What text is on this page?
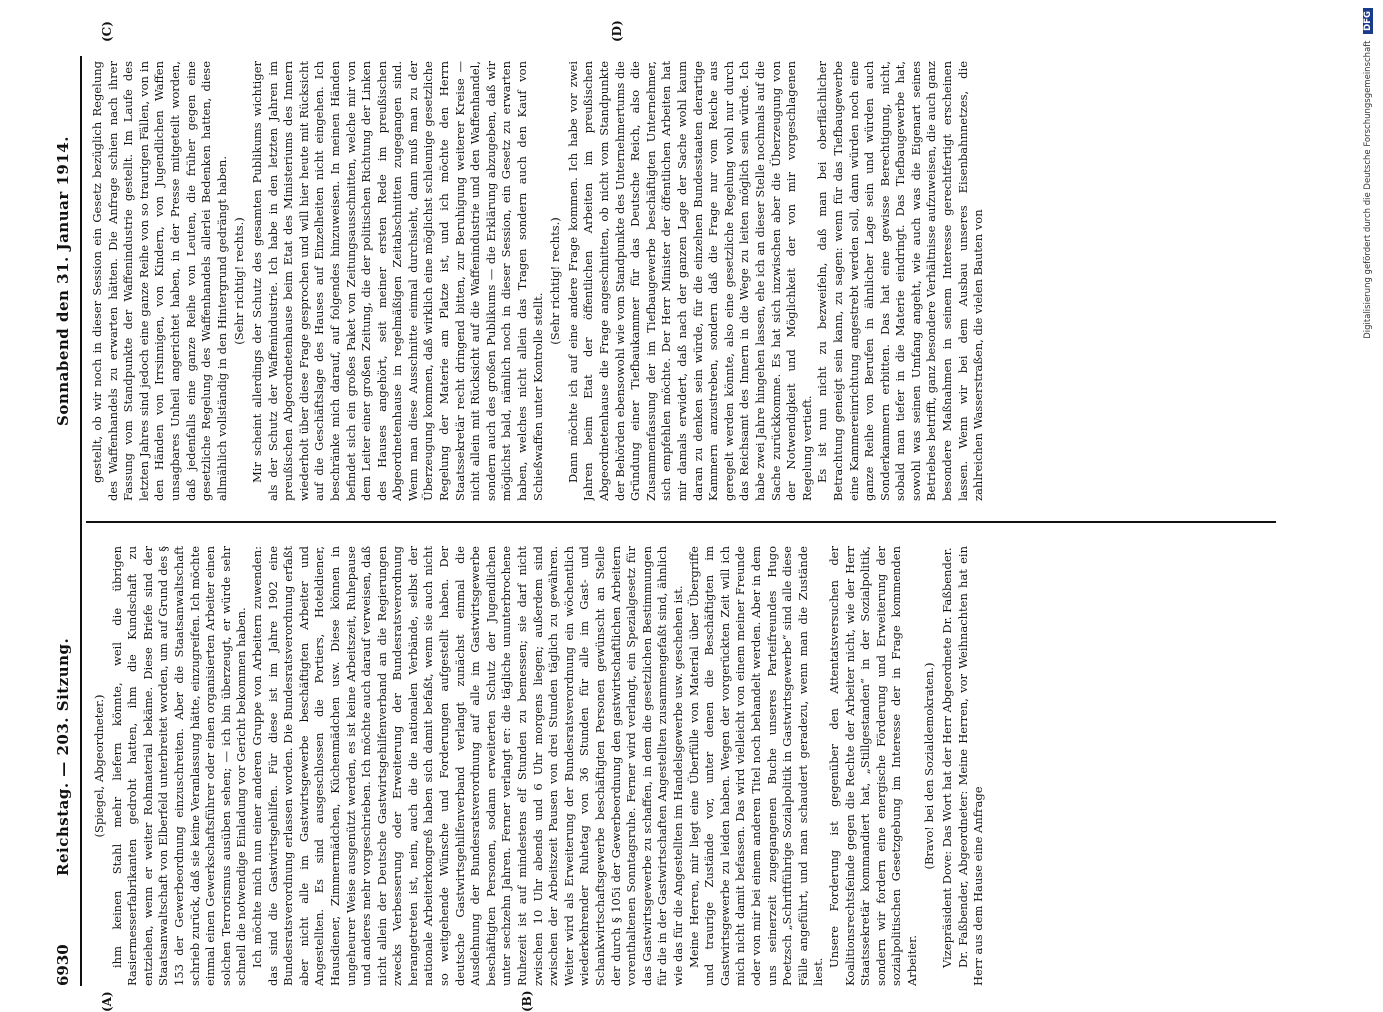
6930
Reichstag. — 203. Sitzung.
Sonnabend den 31. Januar 1914.
(A)	(B)
(C)	(D)

(Spiegel, Abgeordneter.) ihm keinen Stahl mehr liefern könnte, weil die übrigen Rasiermesserfabrikanten gedroht hatten, ihm die Kundschaft zu entziehen, wenn er weiter Rohmaterial bekäme. Diese Briefe sind der Staatsanwaltschaft von Elberfeld unterbreitet worden, um auf Grund des § 153 der Gewerbeordnung einzuschreiten. Aber die Staatsanwaltschaft schrieb zurück, daß sie keine Veranlassung hätte, einzugreifen. Ich möchte einmal einen Gewerkschaftsführer oder einen organisierten Arbeiter einen solchen Terrorismus ausüben sehen; — ich bin überzeugt, er würde sehr schnell die notwendige Einladung vor Gericht bekommen haben. Ich möchte mich nun einer anderen Gruppe von Arbeitern zuwenden: das sind die Gastwirtsgehilfen. Für diese ist im Jahre 1902 eine Bundesratsverordnung erlassen worden. Die Bundesratsverordnung erfaßt aber nicht alle im Gastwirtsgewerbe beschäftigten Arbeiter und Angestellten. Es sind ausgeschlossen die Portiers, Hoteldiener, Hausdiener, Zimmermädchen, Küchenmädchen usw. Diese können in ungeheurer Weise ausgenützt werden, es ist keine Arbeitszeit, Ruhepause und anderes mehr vorgeschrieben. Ich möchte auch darauf verweisen, daß nicht allein der Deutsche Gastwirtsgehilfenverband an die Regierungen zwecks Verbesserung oder Erweiterung der Bundesratsverordnung herangetreten ist, nein, auch die die nationalen Verbände, selbst der nationale Arbeiterkongreß haben sich damit befaßt, wenn sie auch nicht so weitgehende Wünsche und Forderungen aufgestellt haben. Der deutsche Gastwirtsgehilfenverband verlangt zunächst einmal die Ausdehnung der Bundesratsverordnung auf alle im Gastwirtsgewerbe beschäftigten Personen, sodann erweiterten Schutz der Jugendlichen unter sechzehn Jahren. Ferner verlangt er: die tägliche ununterbrochene Ruhezeit ist auf mindestens elf Stunden zu bemessen; sie darf nicht zwischen 10 Uhr abends und 6 Uhr morgens liegen; außerdem sind zwischen der Arbeitszeit Pausen von drei Stunden täglich zu gewähren. Weiter wird als Erweiterung der Bundesratsverordnung ein wöchentlich wiederkehrender Ruhetag von 36 Stunden für alle im Gast- und Schankwirtschaftsgewerbe beschäftigten Personen gewünscht an Stelle der durch § 105i der Gewerbeordnung den gastwirtschaftlichen Arbeitern vorenthaltenen Sonntagsruhe. Ferner wird verlangt, ein Spezialgesetz für das Gastwirtsgewerbe zu schaffen, in dem die gesetzlichen Bestimmungen für die in der Gastwirtschaften Angestellten zusammengefaßt sind, ähnlich wie das für die Angestellten im Handelsgewerbe usw. geschehen ist. Meine Herren, mir liegt eine Überfülle von Material über Übergriffe und traurige Zustände vor, unter denen die Beschäftigten im Gastwirtsgewerbe zu leiden haben. Wegen der vorgerückten Zeit will ich mich nicht damit befassen. Das wird vielleicht von einem meiner Freunde oder von mir bei einem anderen Titel noch behandelt werden. Aber in dem uns seinerzeit zugegangenen Buche unseres Parteifreundes Hugo Poetzsch „Schriftführige Sozialpolitik in Gastwirtsgewerbe“ sind alle diese Fälle angeführt, und man schaudert geradezu, wenn man die Zustände liest.

Unsere Forderung ist gegenüber den Attentatsversuchen der Koalitionsrechtsfeinde gegen die Rechte der Arbeiter nicht, wie der Herr Staatssekretär kommandiert hat, „Stillgestanden“ in der Sozialpolitik, sondern wir fordern eine energische Förderung und Erweiterung der sozialpolitischen Gesetzgebung im Interesse der in Frage kommenden Arbeiter.

(Bravo! bei den Sozialdemokraten.) Vizepräsident Dove: Das Wort hat der Herr Abgeordnete Dr. Faßbender. Dr. Faßbender, Abgeordneter: Meine Herren, vor Weihnachten hat ein Herr aus dem Hause eine Anfrage

gestellt, ob wir noch in dieser Session ein Gesetz bezüglich Regelung des Waffenhandels zu erwarten hätten. Die Anfrage schien nach ihrer Fassung vom Standpunkte der Waffenindustrie gestellt. Im Laufe des letzten Jahres sind jedoch eine ganze Reihe von so traurigen Fällen, von in den Händen von Irrsinnigen, von Kindern, von Jugendlichen Waffen unsagbares Unheil angerichtet haben, in der Presse mitgeteilt worden, daß jedenfalls eine ganze Reihe von Leuten, die früher gegen eine gesetzliche Regelung des Waffenhandels allerlei Bedenken hatten, diese allmählich vollständig in den Hintergrund gedrängt haben. (Sehr richtig! rechts.) Mir scheint allerdings der Schutz des gesamten Publikums wichtiger als der Schutz der Waffenindustrie. Ich habe in den letzten Jahren im preußischen Abgeordnetenhause beim Etat des Ministeriums des Innern wiederholt über diese Frage gesprochen und will hier heute mit Rücksicht auf die Geschäftslage des Hauses auf Einzelheiten nicht eingehen. Ich beschränke mich darauf, auf folgendes hinzuweisen. In meinen Händen befindet sich ein großes Paket von Zeitungsausschnitten, welche mir von dem Leiter einer großen Zeitung, die der politischen Richtung der Linken des Hauses angehört, seit meiner ersten Rede im preußischen Abgeordnetenhause in regelmäßigen Zeitabschnitten zugegangen sind. Wenn man diese Ausschnitte einmal durchsieht, dann muß man zu der Überzeugung kommen, daß wirklich eine möglichst schleunige gesetzliche Regelung der Materie am Platze ist, und ich möchte den Herrn Staatssekretär recht dringend bitten, zur Beruhigung weiterer Kreise — nicht allein mit Rücksicht auf die Waffenindustrie und den Waffenhandel, sondern auch des großen Publikums — die Erklärung abzugeben, daß wir möglichst bald, nämlich noch in dieser Session, ein Gesetz zu erwarten haben, welches nicht allein das Tragen sondern auch den Kauf von Schießwaffen unter Kontrolle stellt.

(Sehr richtig! rechts.) Dann möchte ich auf eine andere Frage kommen. Ich habe vor zwei Jahren beim Etat der öffentlichen Arbeiten im preußischen Abgeordnetenhause die Frage angeschnitten, ob nicht vom Standpunkte der Behörden ebensowohl wie vom Standpunkte des Unternehmertums die Gründung einer Tiefbaukammer für das Deutsche Reich, also die Zusammenfassung der im Tiefbaugewerbe beschäftigten Unternehmer, sich empfehlen möchte. Der Herr Minister der öffentlichen Arbeiten hat mir damals erwidert, daß nach der ganzen Lage der Sache wohl kaum daran zu denken sein würde, für die einzelnen Bundesstaaten derartige Kammern anzustreben, sondern daß die Frage nur vom Reiche aus geregelt werden könnte, also eine gesetzliche Regelung wohl nur durch das Reichsamt des Innern in die Wege zu leiten möglich sein würde. Ich habe zwei Jahre hingehen lassen, ehe ich an dieser Stelle nochmals auf die Sache zurückkomme. Es hat sich inzwischen aber die Überzeugung von der Notwendigkeit und Möglichkeit der von mir vorgeschlagenen Regelung vertieft. Es ist nun nicht zu bezweifeln, daß man bei oberflächlicher Betrachtung geneigt sein kann, zu sagen: wenn für das Tiefbaugewerbe eine Kammereinrichtung angestrebt werden soll, dann würden noch eine ganze Reihe von Berufen in ähnlicher Lage sein und würden auch Sonderkammern erbitten. Das hat eine gewisse Berechtigung, nicht, sobald man tiefer in die Materie eindringt. Das Tiefbaugewerbe hat, sowohl was seinen Umfang angeht, wie auch was die Eigenart seines Betriebes betrifft, ganz besondere Verhältnisse aufzuweisen, die auch ganz besondere Maßnahmen in seinem Interesse gerechtfertigt erscheinen lassen. Wenn wir bei dem Ausbau unseres Eisenbahnnetzes, die zahlreichen Wasserstraßen, die vielen Bauten von

Digitalisierung gefördert durch die Deutsche Forschungsgemeinschaft DFG
